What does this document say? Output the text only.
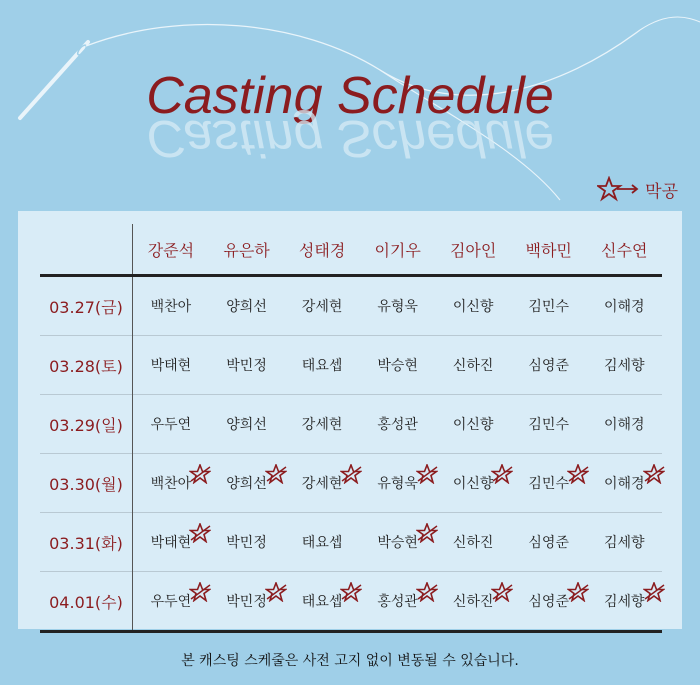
Casting Schedule
Casting Schedule
막공
	강준석	유은하	성태경	이기우	김아인	백하민	신수연
03.27(금)	백찬아	양희선	강세현	유형욱	이신향	김민수	이해경
03.28(토)	박태현	박민정	태요셉	박승현	신하진	심영준	김세향
03.29(일)	우두연	양희선	강세현	홍성관	이신향	김민수	이해경
03.30(월)	백찬아	양희선	강세현	유형욱	이신향	김민수	이해경

03.31(화)	박태현	박민정	태요셉	박승현	신하진	심영준	김세향
04.01(수)	우두연	박민정	태요셉	홍성관	신하진	심영준	김세향
본 캐스팅 스케줄은 사전 고지 없이 변동될 수 있습니다.
